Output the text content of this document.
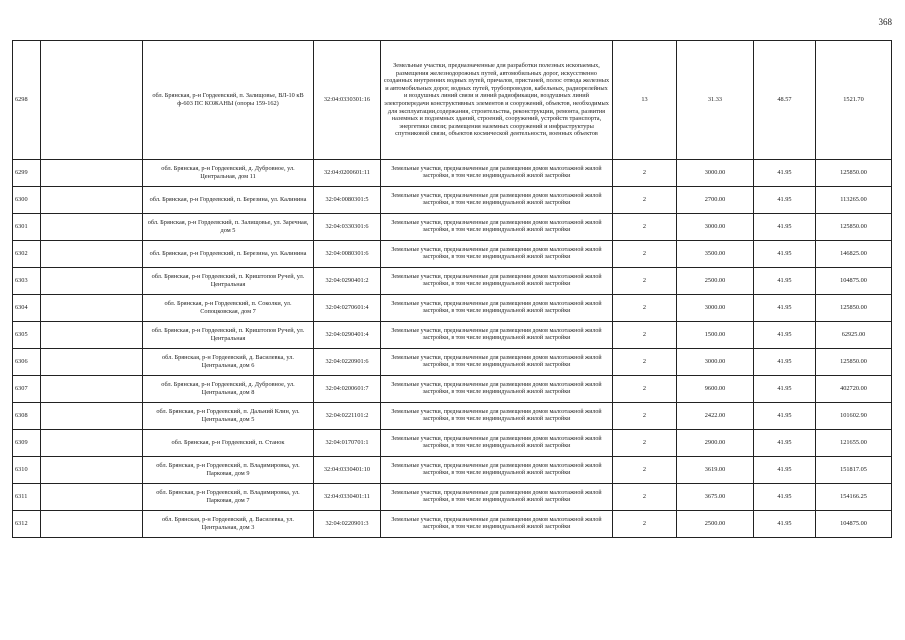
368
6298		обл. Брянская, р-н Гордеевский, п. Залищовье, ВЛ-10 кВ ф-603 ПС КОЖАНЫ (опоры 159-162)	32:04:0330301:16	Земельные участки, предназначенные для разработки полезных ископаемых, размещения железнодорожных путей, автомобильных дорог, искусственно созданных внутренних водных путей, причалов, пристаней, полос отвода железных и автомобильных дорог, водных путей, трубопроводов, кабельных, радиорелейных и воздушных линий связи и линий радиофикации, воздушных линий электропередачи конструктивных элементов и сооружений, объектов, необходимых для эксплуатации,содержания, строительства, реконструкции, ремонта, развития наземных и подземных зданий, строений, сооружений, устройств транспорта, энергетики связи; размещения наземных сооружений и инфраструктуры спутниковой связи, объектов космической деятельности, военных объектов	13	31.33	48.57	1521.70
6299		обл. Брянская, р-н Гордеевский, д. Дубровное, ул. Центральная, дом 11	32:04:0200601:11	Земельные участки, предназначенные для размещения домов малоэтажной жилой застройки, в том числе индивидуальной жилой застройки	2	3000.00	41.95	125850.00
6300		обл. Брянская, р-н Гордеевский, п. Березина, ул. Калинина	32:04:0080301:5	Земельные участки, предназначенные для размещения домов малоэтажной жилой застройки, в том числе индивидуальной жилой застройки	2	2700.00	41.95	113265.00
6301		обл. Брянская, р-н Гордеевский, п. Залищовье, ул. Заречная, дом 5	32:04:0330301:6	Земельные участки, предназначенные для размещения домов малоэтажной жилой застройки, в том числе индивидуальной жилой застройки	2	3000.00	41.95	125850.00
6302		обл. Брянская, р-н Гордеевский, п. Березина, ул. Калинина	32:04:0080301:6	Земельные участки, предназначенные для размещения домов малоэтажной жилой застройки, в том числе индивидуальной жилой застройки	2	3500.00	41.95	146825.00
6303		обл. Брянская, р-н Гордеевский, п. Криштопов Ручей, ул. Центральная	32:04:0290401:2	Земельные участки, предназначенные для размещения домов малоэтажной жилой застройки, в том числе индивидуальной жилой застройки	2	2500.00	41.95	104875.00
6304		обл. Брянская, р-н Гордеевский, п. Соколки, ул. Сопоцковская, дом 7	32:04:0270601:4	Земельные участки, предназначенные для размещения домов малоэтажной жилой застройки, в том числе индивидуальной жилой застройки	2	3000.00	41.95	125850.00
6305		обл. Брянская, р-н Гордеевский, п. Криштопов Ручей, ул. Центральная	32:04:0290401:4	Земельные участки, предназначенные для размещения домов малоэтажной жилой застройки, в том числе индивидуальной жилой застройки	2	1500.00	41.95	62925.00
6306		обл. Брянская, р-н Гордеевский, д. Василевка, ул. Центральная, дом 6	32:04:0220901:6	Земельные участки, предназначенные для размещения домов малоэтажной жилой застройки, в том числе индивидуальной жилой застройки	2	3000.00	41.95	125850.00
6307		обл. Брянская, р-н Гордеевский, д. Дубровное, ул. Центральная, дом 8	32:04:0200601:7	Земельные участки, предназначенные для размещения домов малоэтажной жилой застройки, в том числе индивидуальной жилой застройки	2	9600.00	41.95	402720.00
6308		обл. Брянская, р-н Гордеевский, п. Дальний Клин, ул. Центральная, дом 5	32:04:0221101:2	Земельные участки, предназначенные для размещения домов малоэтажной жилой застройки, в том числе индивидуальной жилой застройки	2	2422.00	41.95	101602.90
6309		обл. Брянская, р-н Гордеевский, п. Станок	32:04:0170701:1	Земельные участки, предназначенные для размещения домов малоэтажной жилой застройки, в том числе индивидуальной жилой застройки	2	2900.00	41.95	121655.00
6310		обл. Брянская, р-н Гордеевский, п. Владимировка, ул. Парковая, дом 9	32:04:0330401:10	Земельные участки, предназначенные для размещения домов малоэтажной жилой застройки, в том числе индивидуальной жилой застройки	2	3619.00	41.95	151817.05
6311		обл. Брянская, р-н Гордеевский, п. Владимировка, ул. Парковая, дом 7	32:04:0330401:11	Земельные участки, предназначенные для размещения домов малоэтажной жилой застройки, в том числе индивидуальной жилой застройки	2	3675.00	41.95	154166.25
6312		обл. Брянская, р-н Гордеевский, д. Василевка, ул. Центральная, дом 3	32:04:0220901:3	Земельные участки, предназначенные для размещения домов малоэтажной жилой застройки, в том числе индивидуальной жилой застройки	2	2500.00	41.95	104875.00
